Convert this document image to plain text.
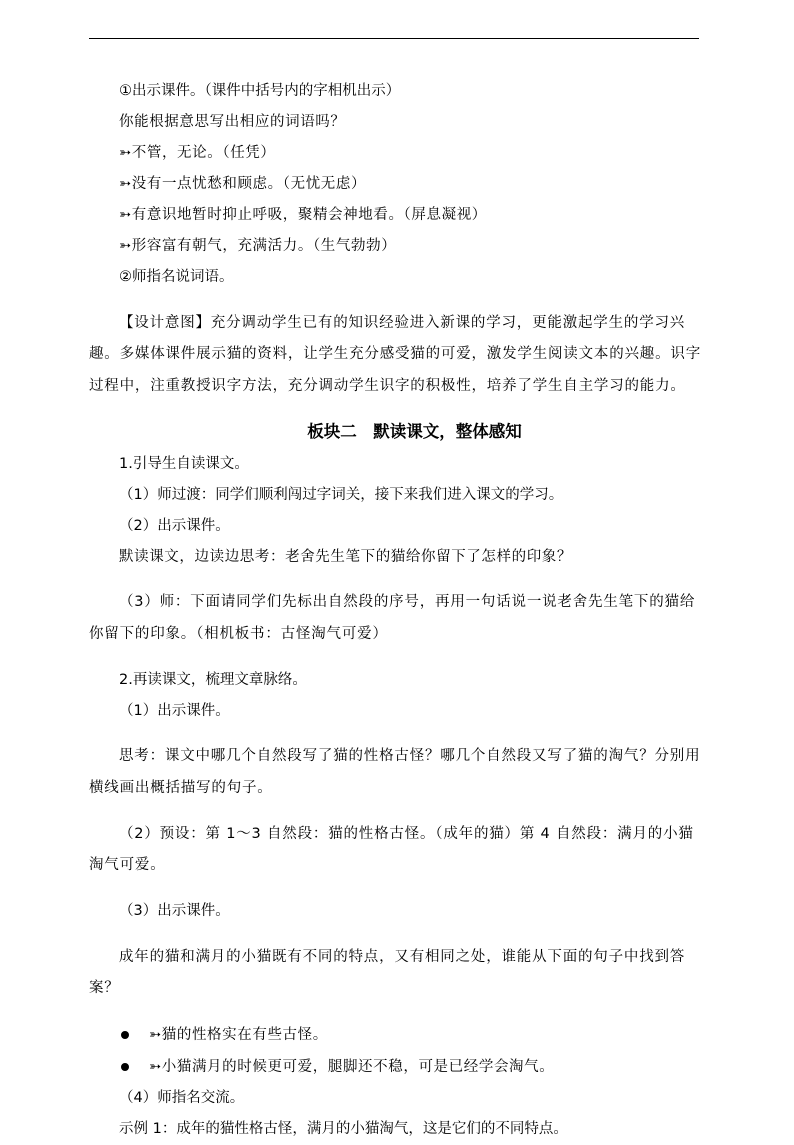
①出示课件。（课件中括号内的字相机出示）

你能根据意思写出相应的词语吗？

➳不管，无论。（任凭）

➳没有一点忧愁和顾虑。（无忧无虑）

➳有意识地暂时抑止呼吸，聚精会神地看。（屏息凝视）

➳形容富有朝气，充满活力。（生气勃勃）

②师指名说词语。

【设计意图】充分调动学生已有的知识经验进入新课的学习，更能激起学生的学习兴趣。多媒体课件展示猫的资料，让学生充分感受猫的可爱，激发学生阅读文本的兴趣。识字过程中，注重教授识字方法，充分调动学生识字的积极性，培养了学生自主学习的能力。

板块二　默读课文，整体感知

1.引导生自读课文。

（1）师过渡：同学们顺利闯过字词关，接下来我们进入课文的学习。

（2）出示课件。

默读课文，边读边思考：老舍先生笔下的猫给你留下了怎样的印象？

（3）师：下面请同学们先标出自然段的序号，再用一句话说一说老舍先生笔下的猫给你留下的印象。（相机板书：古怪淘气可爱）

2.再读课文，梳理文章脉络。

（1）出示课件。

思考：课文中哪几个自然段写了猫的性格古怪？哪几个自然段又写了猫的淘气？分别用横线画出概括描写的句子。

（2）预设：第 1～3 自然段：猫的性格古怪。（成年的猫）第 4 自然段：满月的小猫淘气可爱。

（3）出示课件。

成年的猫和满月的小猫既有不同的特点，又有相同之处，谁能从下面的句子中找到答案？

➳猫的性格实在有些古怪。
➳小猫满月的时候更可爱，腿脚还不稳，可是已经学会淘气。

（4）师指名交流。

示例 1：成年的猫性格古怪，满月的小猫淘气，这是它们的不同特点。
